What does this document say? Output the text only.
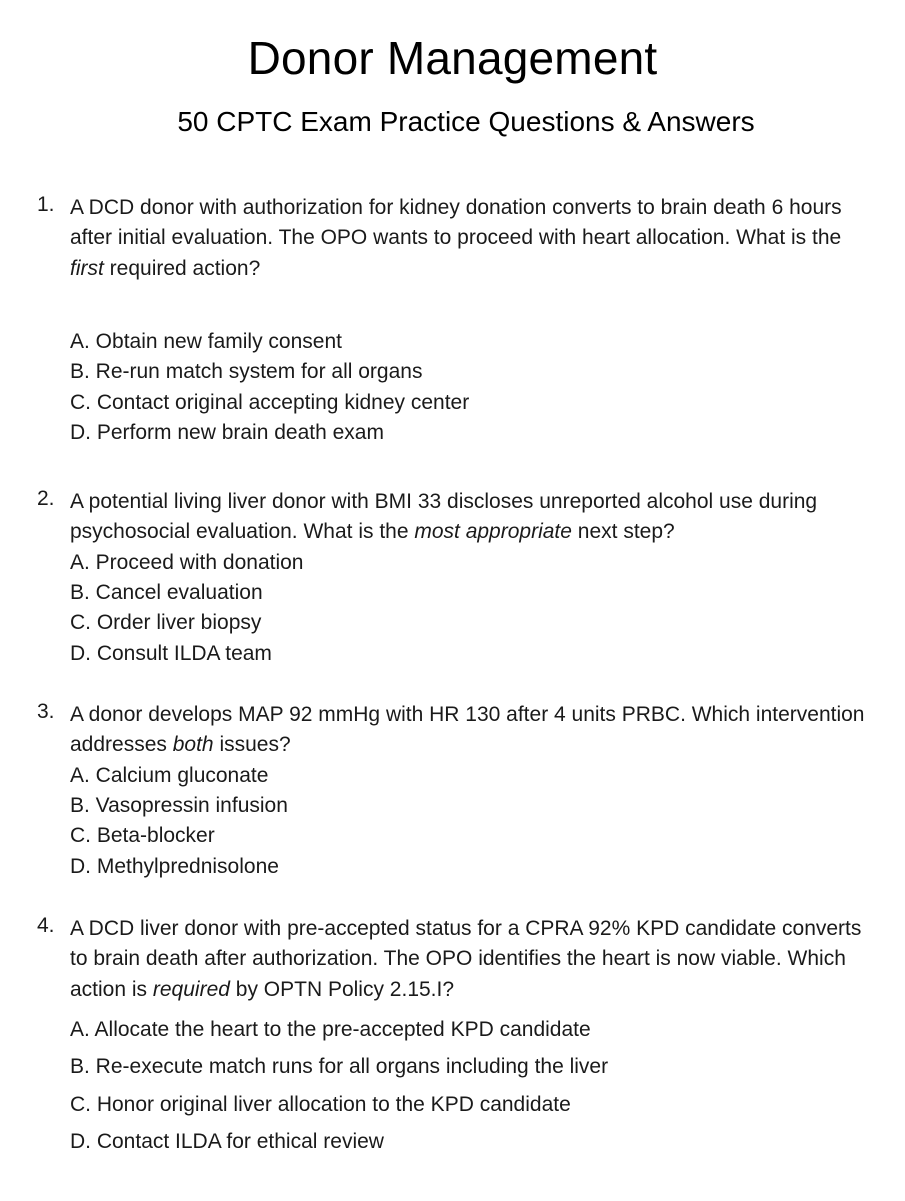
Donor Management
50 CPTC Exam Practice Questions & Answers
1. A DCD donor with authorization for kidney donation converts to brain death 6 hours after initial evaluation. The OPO wants to proceed with heart allocation. What is the first required action?
A. Obtain new family consent
B. Re-run match system for all organs
C. Contact original accepting kidney center
D. Perform new brain death exam
2. A potential living liver donor with BMI 33 discloses unreported alcohol use during psychosocial evaluation. What is the most appropriate next step?
A. Proceed with donation
B. Cancel evaluation
C. Order liver biopsy
D. Consult ILDA team
3. A donor develops MAP 92 mmHg with HR 130 after 4 units PRBC. Which intervention addresses both issues?
A. Calcium gluconate
B. Vasopressin infusion
C. Beta-blocker
D. Methylprednisolone
4. A DCD liver donor with pre-accepted status for a CPRA 92% KPD candidate converts to brain death after authorization. The OPO identifies the heart is now viable. Which action is required by OPTN Policy 2.15.I?
A. Allocate the heart to the pre-accepted KPD candidate
B. Re-execute match runs for all organs including the liver
C. Honor original liver allocation to the KPD candidate
D. Contact ILDA for ethical review
